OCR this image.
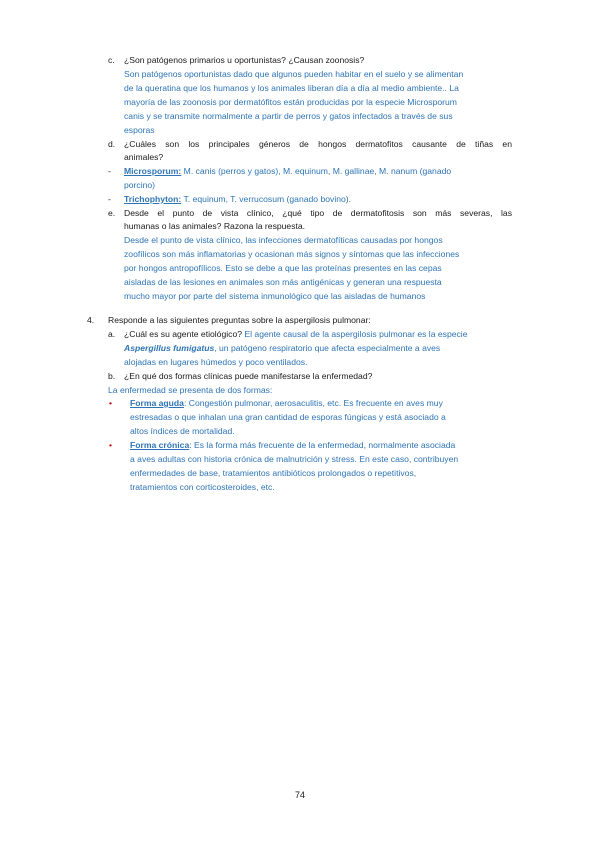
c. ¿Son patógenos primarios u oportunistas? ¿Causan zoonosis?
Son patógenos oportunistas dado que algunos pueden habitar en el suelo y se alimentan
de la queratina que los humanos y los animales liberan día a día al medio ambiente.. La
mayoría de las zoonosis por dermatófitos están producidas por la especie Microsporum
canis y se transmite normalmente a partir de perros y gatos infectados a través de sus
esporas
d. ¿Cuáles son los principales géneros de hongos dermatofitos causante de tiñas en
animales?
- Microsporum: M. canis (perros y gatos), M. equinum, M. gallinae, M. nanum (ganado
porcino)
- Trichophyton: T. equinum, T. verrucosum (ganado bovino).
e. Desde el punto de vista clínico, ¿qué tipo de dermatofitosis son más severas, las
humanas o las animales? Razona la respuesta.
Desde el punto de vista clínico, las infecciones dermatofíticas causadas por hongos
zoofílicos son más inflamatorias y ocasionan más signos y síntomas que las infecciones
por hongos antropofílicos. Esto se debe a que las proteínas presentes en las cepas
aisladas de las lesiones en animales son más antigénicas y generan una respuesta
mucho mayor por parte del sistema inmunológico que las aisladas de humanos
4. Responde a las siguientes preguntas sobre la aspergilosis pulmonar:
a. ¿Cuál es su agente etiológico? El agente causal de la aspergilosis pulmonar es la especie
Aspergillus fumigatus, un patógeno respiratorio que afecta especialmente a aves
alojadas en lugares húmedos y poco ventilados.
b. ¿En qué dos formas clínicas puede manifestarse la enfermedad?
La enfermedad se presenta de dos formas:
• Forma aguda: Congestión pulmonar, aerosaculitis, etc. Es frecuente en aves muy
estresadas o que inhalan una gran cantidad de esporas fúngicas y está asociado a
altos índices de mortalidad.
• Forma crónica: Es la forma más frecuente de la enfermedad, normalmente asociada
a aves adultas con historia crónica de malnutrición y stress. En este caso, contribuyen
enfermedades de base, tratamientos antibióticos prolongados o repetitivos,
tratamientos con corticosteroides, etc.
74
